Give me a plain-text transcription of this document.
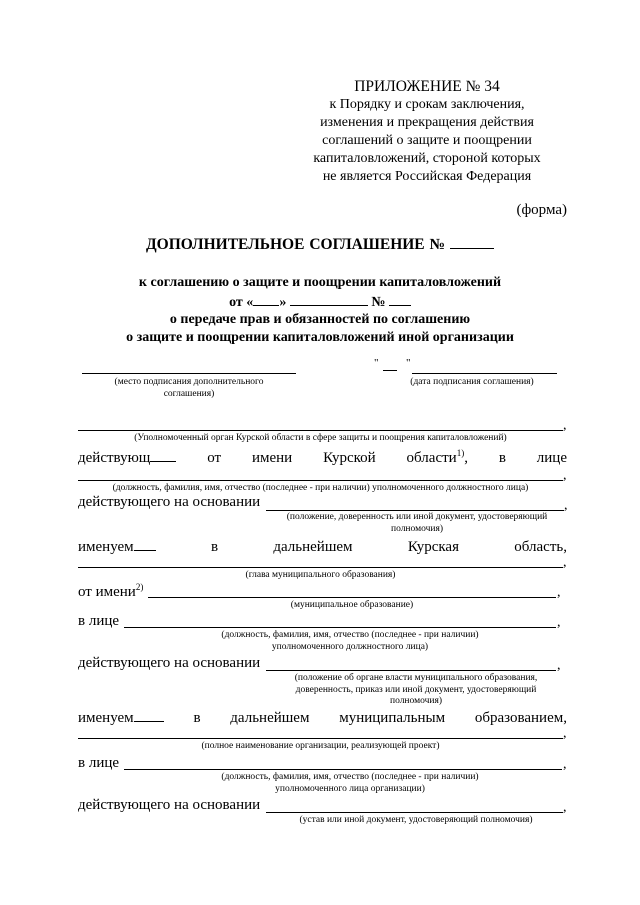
ПРИЛОЖЕНИЕ № 34
к Порядку и срокам заключения,
изменения и прекращения действия
соглашений о защите и поощрении
капиталовложений, стороной которых
не является Российская Федерация
(форма)
ДОПОЛНИТЕЛЬНОЕ СОГЛАШЕНИЕ №
к соглашению о защите и поощрении капиталовложений
от « »	№
о передаче прав и обязанностей по соглашению
о защите и поощрении капиталовложений иной организации
(место подписания дополнительного
соглашения)
"          "
(дата подписания соглашения)
,
(Уполномоченный орган Курской области в сфере защиты и поощрения капиталовложений)
действующ	от имени Курской области$^{1)}$, в лице
,
(должность, фамилия, имя, отчество (последнее - при наличии) уполномоченного должностного лица)
действующего на основании	,
(положение, доверенность или иной документ, удостоверяющий
полномочия)
именуем	в	дальнейшем	Курская	область,
,
(глава муниципального образования)
от имени$^{2)}$	,
(муниципальное образование)
в лице	,
(должность, фамилия, имя, отчество (последнее - при наличии)
уполномоченного должностного лица)
действующего на основании	,
(положение об органе власти муниципального образования,
доверенность, приказ или иной документ, удостоверяющий
полномочия)
именуем	в дальнейшем муниципальным образованием,
,
(полное наименование организации, реализующей проект)
в лице	,
(должность, фамилия, имя, отчество (последнее - при наличии)
уполномоченного лица организации)
действующего на основании	,
(устав или иной документ, удостоверяющий полномочия)
